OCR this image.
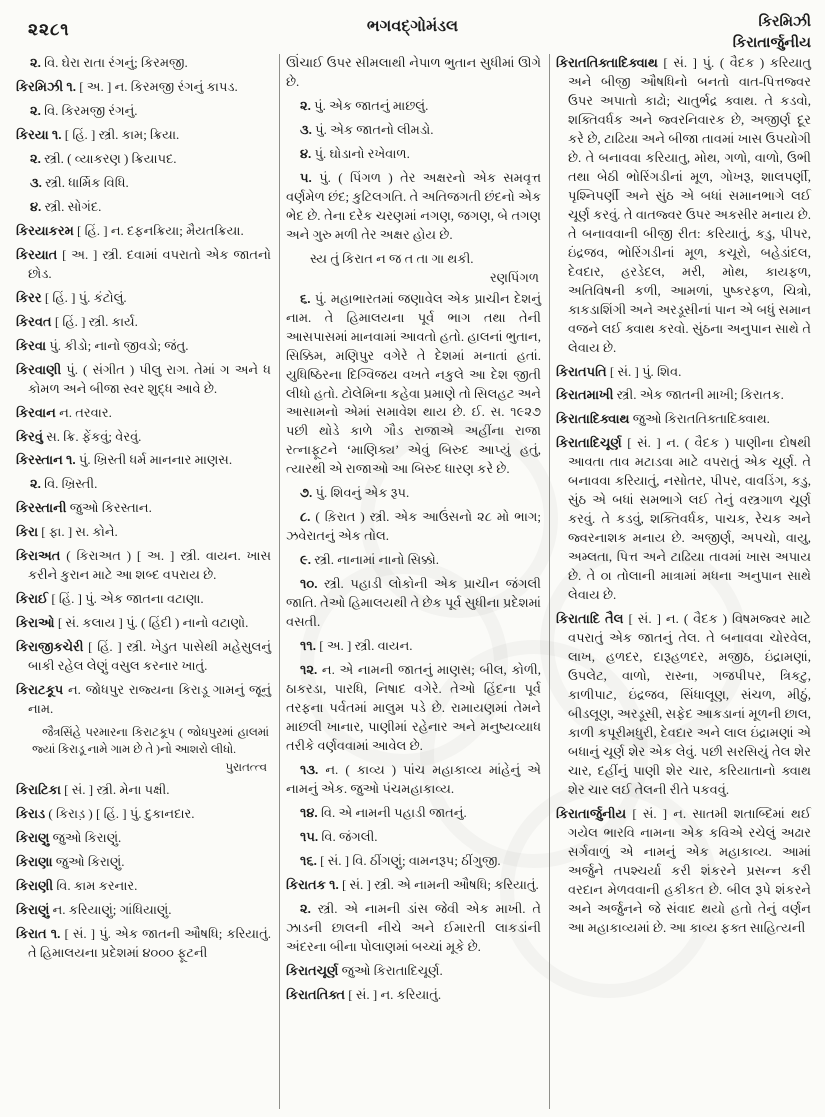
૨૨૮૧	ભગવદ્ગોમંડલ	કિરમિઝી
કિરાતાર્જુનીય

૨. વિ. ઘેરા રાતા રંગનું; કિરમજી.

કિરમિઝી ૧. [ અ. ] ન. કિરમજી રંગનું કાપડ.

૨. વિ. કિરમજી રંગનું.

કિરયા ૧. [ હિં. ] સ્ત્રી. કામ; ક્રિયા.

૨. સ્ત્રી. ( વ્યાકરણ ) ક્રિયાપદ.

૩. સ્ત્રી. ધાર્મિક વિધિ.

૪. સ્ત્રી. સોગંદ.

કિરયાકરમ [ હિં. ] ન. દફનક્રિયા; મૈયતક્રિયા.

કિરયાત [ અ. ] સ્ત્રી. દવામાં વપરાતો એક જાતનો છોડ.

કિરર [ હિં. ] પું. કંટોલું.

કિરવત [ હિં. ] સ્ત્રી. કાર્ય.

કિરવા પું. કીડો; નાનો જીવડો; જંતુ.

કિરવાણી પું. ( સંગીત ) પીલુ રાગ. તેમાં ગ અને ધ કોમળ અને બીજા સ્વર શુદ્ધ આવે છે.

કિરવાન ન. તરવાર.

કિરવું સ. ક્રિ. ફેંકવું; વેરવું.

કિરસ્તાન ૧. પું. ખ્રિસ્તી ધર્મ માનનાર માણસ.

૨. વિ. ખ્રિસ્તી.

કિરસ્તાની જુઓ કિરસ્તાન.

કિરા [ ફા. ] સ. કોને.

કિરાઅત ( કિરાઅત ) [ અ. ] સ્ત્રી. વાયન. ખાસ કરીને કુરાન માટે આ શબ્દ વપરાય છે.

કિરાઈ [ હિં. ] પું. એક જાતના વટાણા.

કિરાઓ [ સં. કલાય ] પું. ( હિંદી ) નાનો વટાણો.

કિરાજીકચેરી [ હિં. ] સ્ત્રી. ખેડુત પાસેથી મહેસુલનું બાકી રહેલ લેણું વસુલ કરનાર ખાતું.

કિરાટકૂપ ન. જોધપુર રાજ્યના કિરાડૂ ગામનું જૂનું નામ.

જૈત્રસિંહે પરમારના કિરાટકૂપ ( જોધપુરમાં હાલમાં જ્યાં કિરાડૂ નામે ગામ છે તે )નો આશરો લીધો.
પુરાતત્ત્વ

કિરાટિકા [ સં. ] સ્ત્રી. મેના પક્ષી.

કિરાડ ( કિરાડ઼ ) [ હિં. ] પું. દુકાનદાર.

કિરાણુ જુઓ કિરાણું.

કિરાણા જુઓ કિરાણું.

કિરાણી વિ. કામ કરનાર.

કિરાણું ન. કરિયાણું; ગાંધિયાણું.

કિરાત ૧. [ સં. ] પું. એક જાતની ઔષધિ; કરિયાતું. તે હિમાલયના પ્રદેશમાં ૪૦૦૦ ફૂટની

ઊંચાઈ ઉપર સીમલાથી નેપાળ ભુતાન સુધીમાં ઊગે છે.

૨. પું. એક જાતનું માછલું.

૩. પું. એક જાતનો લીમડો.

૪. પું. ઘોડાનો રખેવાળ.

૫. પું. ( પિંગળ ) તેર અક્ષરનો એક સમવૃત્ત વર્ણમેળ છંદ; કુટિલગતિ. તે અતિજગતી છંદનો એક ભેદ છે. તેના દરેક ચરણમાં નગણ, જગણ, બે તગણ અને ગુરુ મળી તેર અક્ષર હોય છે.

સ્ય તું કિરાત ન જ ત તા ગા થકી.
રણપિંગળ

૬. પું. મહાભારતમાં જણાવેલ એક પ્રાચીન દેશનું નામ. તે હિમાલયના પૂર્વ ભાગ તથા તેની આસપાસમાં માનવામાં આવતો હતો. હાલનાં ભુતાન, સિક્કિમ, મણિપુર વગેરે તે દેશમાં મનાતાં હતાં. યુધિષ્ઠિરના દિગ્વિજય વખતે નકુલે આ દેશ જીતી લીધો હતો. ટોલેમિના કહેવા પ્રમાણે તો સિલહટ અને આસામનો એમાં સમાવેશ થાય છે. ઈ. સ. ૧૯૨૭ પછી થોડે કાળે ગૌડ રાજાએ અહીંના રાજા રત્નાફૂટને ‘માણિક્ય’ એવું બિરુદ આપ્યું હતું, ત્યારથી એ રાજાઓ આ બિરુદ ધારણ કરે છે.

૭. પું. શિવનું એક રૂપ.

૮. ( ક઼િરાત ) સ્ત્રી. એક આઉંસનો ૨૮ મો ભાગ; ઝવેરાતનું એક તોલ.

૯. સ્ત્રી. નાનામાં નાનો સિક્કો.

૧૦. સ્ત્રી. પહાડી લોકોની એક પ્રાચીન જંગલી જાતિ. તેઓ હિમાલયથી તે છેક પૂર્વ સુધીના પ્રદેશમાં વસતી.

૧૧. [ અ. ] સ્ત્રી. વાયન.

૧૨. ન. એ નામની જાતનું માણસ; બીલ, કોળી, ઠાકરડા, પારધિ, નિષાદ વગેરે. તેઓ હિંદના પૂર્વ તરફના પર્વતમાં માલુમ પડે છે. રામાયણમાં તેમને માછલી ખાનાર, પાણીમાં રહેનાર અને મનુષ્યવ્યાધ તરીકે વર્ણવવામાં આવેલ છે.

૧૩. ન. ( કાવ્ય ) પાંચ મહાકાવ્ય માંહેનું એ નામનું એક. જુઓ પંચમહાકાવ્ય.

૧૪. વિ. એ નામની પહાડી જાતનું.

૧૫. વિ. જંગલી.

૧૬. [ સં. ] વિ. ઠીંગણું; વામનરૂપ; ઠીંગુજી.

કિરાતક ૧. [ સં. ] સ્ત્રી. એ નામની ઔષધિ; કરિયાતું.

૨. સ્ત્રી. એ નામની ડાંસ જેવી એક માખી. તે ઝાડની છાલની નીચે અને ઈમારતી લાકડાંની અંદરના બીના પોલાણમાં બચ્ચાં મૂકે છે.

કિરાતચૂર્ણ જુઓ કિરાતાદિચૂર્ણ.

કિરાતતિક્ત [ સં. ] ન. કરિયાતું.

કિરાતતિક્તાદિક્વાથ [ સં. ] પું. ( વૈદક ) કરિયાતુ અને બીજી ઔષધિનો બનતો વાત-પિત્તજ્વર ઉપર અપાતો કાઢો; ચાતુર્ભદ્ર ક્વાથ. તે કડવો, શક્તિવર્ધક અને જ્વરનિવારક છે, અજીર્ણ દૂર કરે છે, ટાઢિયા અને બીજા તાવમાં ખાસ ઉપયોગી છે. તે બનાવવા કરિયાતુ, મોથ, ગળો, વાળો, ઉભી તથા બેઠી ભોરિંગડીનાં મૂળ, ગોખરૂ, શાલપર્ણી, પૃશ્નિપર્ણી અને સુંઠ એ બધાં સમાનભાગે લઈ ચૂર્ણ કરવું. તે વાતજ્વર ઉપર અકસીર મનાય છે. તે બનાવવાની બીજી રીત: કરિયાતું, કડુ, પીપર, ઇંદ્રજવ, ભોરિંગડીનાં મૂળ, કચૂરો, બહેડાંદલ, દેવદાર, હરડેદલ, મરી, મોથ, કાયફળ, અતિવિષની કળી, આમળાં, પુષ્કરફળ, ચિત્રો, કાકડાશિંગી અને અરડૂસીનાં પાન એ બધું સમાન વજને લઈ ક્વાથ કરવો. સુંઠના અનુપાન સાથે તે લેવાય છે.

કિરાતપતિ [ સં. ] પું. શિવ.

કિરાતમાખી સ્ત્રી. એક જાતની માખી; કિરાતક.

કિરાતાદિક્વાથ જુઓ કિરાતતિક્તાદિક્વાથ.

કિરાતાદિચૂર્ણ [ સં. ] ન. ( વૈદક ) પાણીના દોષથી આવતા તાવ મટાડવા માટે વપરાતું એક ચૂર્ણ. તે બનાવવા કરિયાતું, નસોતર, પીપર, વાવડિંગ, કડુ, સુંઠ એ બધાં સમભાગે લઈ તેનું વસ્ત્રગાળ ચૂર્ણ કરવું. તે કડવું, શક્તિવર્ધક, પાચક, રેચક અને જ્વરનાશક મનાય છે. અજીર્ણ, અપચો, વાયુ, અમ્લતા, પિત્ત અને ટાઢિયા તાવમાં ખાસ અપાય છે. તે ૦ા તોલાની માત્રામાં મધના અનુપાન સાથે લેવાય છે.

કિરાતાદિ તૈલ [ સં. ] ન. ( વૈદક ) વિષમજ્વર માટે વપરાતું એક જાતનું તેલ. તે બનાવવા ચોરવેલ, લાખ, હળદર, દારૂહળદર, મજીઠ, ઇંદ્રામણાં, ઉપલેટ, વાળો, રાસ્ના, ગજપીપર, ત્રિકટુ, કાળીપાટ, ઇંદ્રજવ, સિંધાલૂણ, સંચળ, મીઠું, બીડલૂણ, અરડૂસી, સફેદ આકડાનાં મૂળની છાલ, કાળી કપૂરીમધુરી, દેવદાર અને લાલ ઇંદ્રામણાં એ બધાનું ચૂર્ણ શેર એક લેવું. પછી સરસિયું તેલ શેર ચાર, દહીંનું પાણી શેર ચાર, કરિયાતાનો ક્વાથ શેર ચાર લઈ તેલની રીતે પકવવું.

કિરાતાર્જુનીય [ સં. ] ન. સાતમી શતાબ્દિમાં થઈ ગયેલ ભારવિ નામના એક કવિએ રચેલું અઢાર સર્ગવાળું એ નામનું એક મહાકાવ્ય. આમાં અર્જુને તપશ્ચર્યા કરી શંકરને પ્રસન્ન કરી વરદાન મેળવવાની હકીકત છે. બીલ રૂપે શંકરને અને અર્જુનને જે સંવાદ થયો હતો તેનું વર્ણન આ મહાકાવ્યમાં છે. આ કાવ્ય ફક્ત સાહિત્યની
